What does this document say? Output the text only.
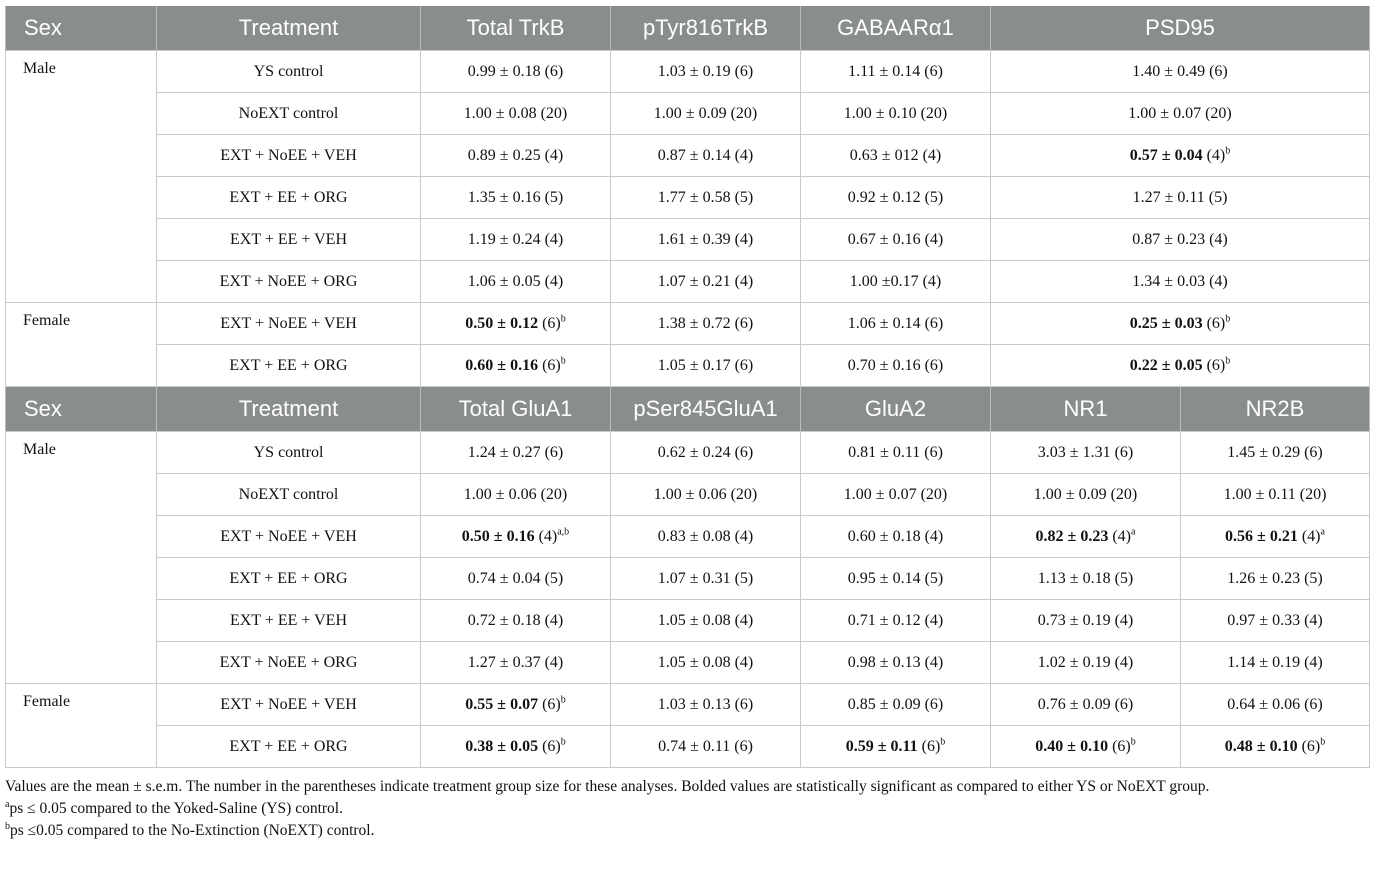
Sex	Treatment	Total TrkB	pTyr816TrkB	GABAARα1	PSD95
Male	YS control	0.99 ± 0.18 (6)	1.03 ± 0.19 (6)	1.11 ± 0.14 (6)	1.40 ± 0.49 (6)
	NoEXT control	1.00 ± 0.08 (20)	1.00 ± 0.09 (20)	1.00 ± 0.10 (20)	1.00 ± 0.07 (20)
	EXT + NoEE + VEH	0.89 ± 0.25 (4)	0.87 ± 0.14 (4)	0.63 ± 012 (4)	0.57 ± 0.04 $(4)^b$
	EXT + EE + ORG	1.35 ± 0.16 (5)	1.77 ± 0.58 (5)	0.92 ± 0.12 (5)	1.27 ± 0.11 (5)
	EXT + EE + VEH	1.19 ± 0.24 (4)	1.61 ± 0.39 (4)	0.67 ± 0.16 (4)	0.87 ± 0.23 (4)
	EXT + NoEE + ORG	1.06 ± 0.05 (4)	1.07 ± 0.21 (4)	1.00 ±0.17 (4)	1.34 ± 0.03 (4)
Female	EXT + NoEE + VEH	0.50 ± 0.12 $(6)^b$	1.38 ± 0.72 (6)	1.06 ± 0.14 (6)	0.25 ± 0.03 $(6)^b$
	EXT + EE + ORG	0.60 ± 0.16 $(6)^b$	1.05 ± 0.17 (6)	0.70 ± 0.16 (6)	0.22 ± 0.05 $(6)^b$
Sex	Treatment	Total GluA1	pSer845GluA1	GluA2	NR1	NR2B
Male	YS control	1.24 ± 0.27 (6)	0.62 ± 0.24 (6)	0.81 ± 0.11 (6)	3.03 ± 1.31 (6)	1.45 ± 0.29 (6)
	NoEXT control	1.00 ± 0.06 (20)	1.00 ± 0.06 (20)	1.00 ± 0.07 (20)	1.00 ± 0.09 (20)	1.00 ± 0.11 (20)
	EXT + NoEE + VEH	0.50 ± 0.16 $(4)^{a,b}$	0.83 ± 0.08 (4)	0.60 ± 0.18 (4)	0.82 ± 0.23 $(4)^a$	0.56 ± 0.21 $(4)^a$
	EXT + EE + ORG	0.74 ± 0.04 (5)	1.07 ± 0.31 (5)	0.95 ± 0.14 (5)	1.13 ± 0.18 (5)	1.26 ± 0.23 (5)
	EXT + EE + VEH	0.72 ± 0.18 (4)	1.05 ± 0.08 (4)	0.71 ± 0.12 (4)	0.73 ± 0.19 (4)	0.97 ± 0.33 (4)
	EXT + NoEE + ORG	1.27 ± 0.37 (4)	1.05 ± 0.08 (4)	0.98 ± 0.13 (4)	1.02 ± 0.19 (4)	1.14 ± 0.19 (4)
Female	EXT + NoEE + VEH	0.55 ± 0.07 $(6)^b$	1.03 ± 0.13 (6)	0.85 ± 0.09 (6)	0.76 ± 0.09 (6)	0.64 ± 0.06 (6)
	EXT + EE + ORG	0.38 ± 0.05 $(6)^b$	0.74 ± 0.11 (6)	0.59 ± 0.11 $(6)^b$	0.40 ± 0.10 $(6)^b$	0.48 ± 0.10 $(6)^b$

Values are the mean ± s.e.m. The number in the parentheses indicate treatment group size for these analyses. Bolded values are statistically significant as compared to either YS or NoEXT group.

$^a$ps ≤ 0.05 compared to the Yoked-Saline (YS) control.

$^b$ps ≤0.05 compared to the No-Extinction (NoEXT) control.
